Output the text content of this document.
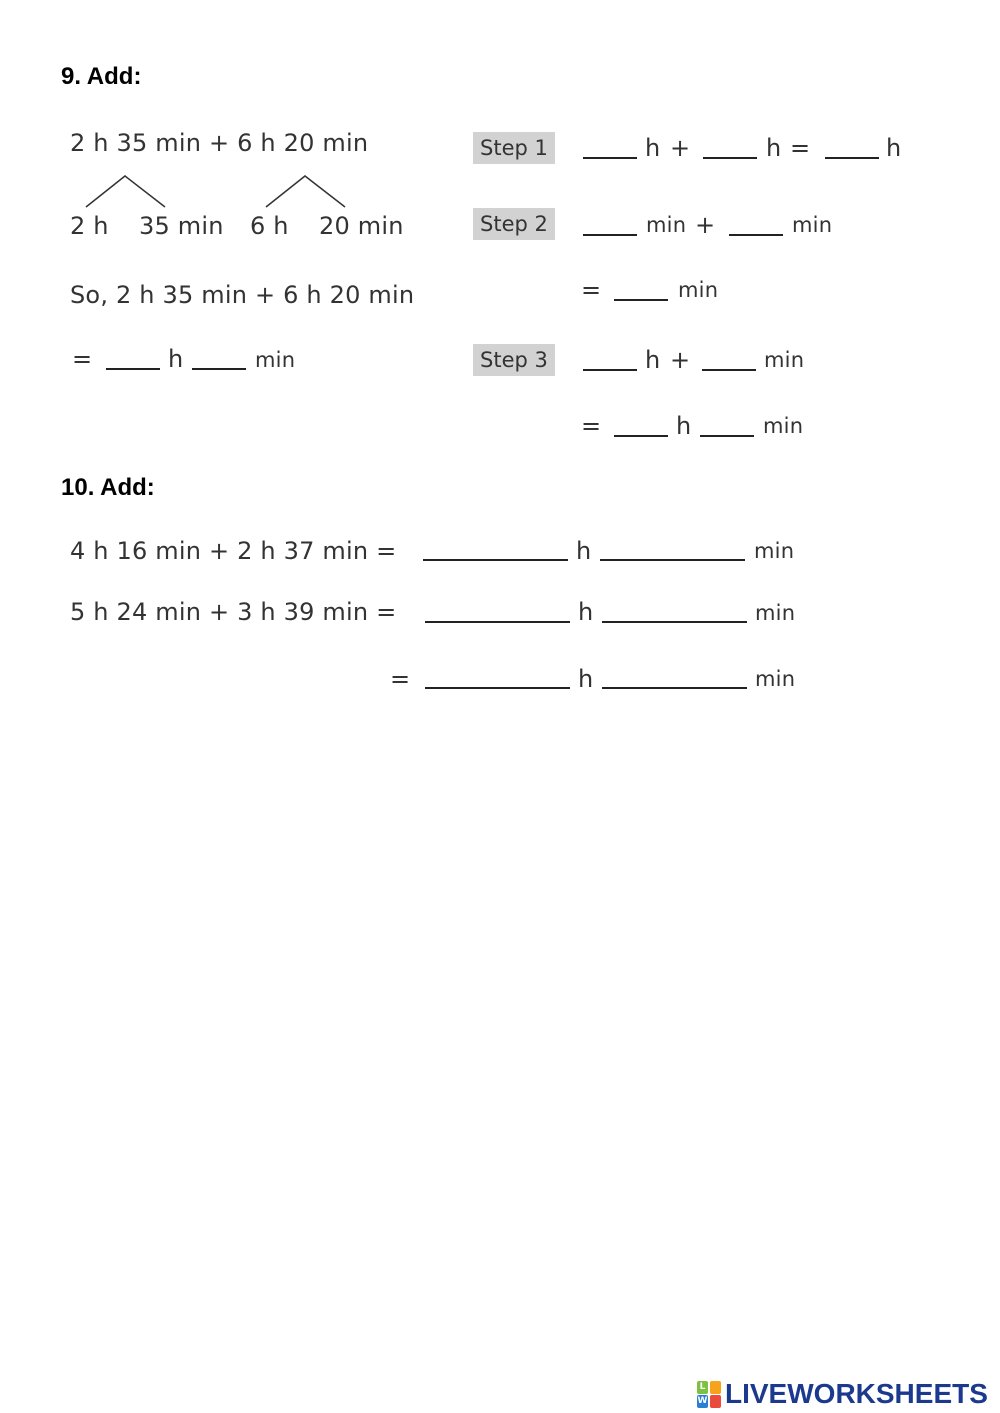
9. Add:
2 h 35 min + 6 h 20 min
2 h 35 min 6 h 20 min
So, 2 h 35 min + 6 h 20 min
=	h	min
Step 1	h +	h =	h
Step 2	min +	min
=	min
Step 3	h +	min
=	h	min
10. Add:
4 h 16 min + 2 h 37 min =	h	min
5 h 24 min + 3 h 39 min =	h	min
=	h	min
L
W LIVEWORKSHEETS
